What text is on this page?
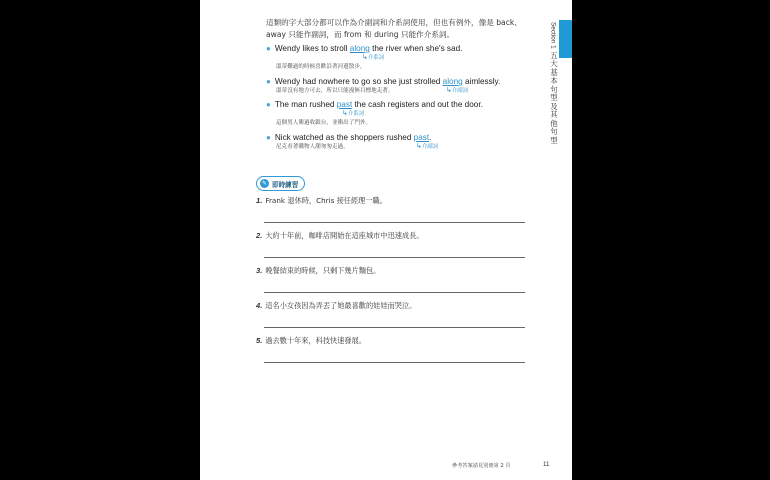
這類的字大部分都可以作為介副詞和介系詞使用，但也有例外，像是 back、away 只能作副詞，而 from 和 during 只能作介系詞。
● Wendy likes to stroll along the river when she's sad.
溫蒂難過的時候喜歡沿著河邊散步。
↳介系詞
● Wendy had nowhere to go so she just strolled along aimlessly.
溫蒂沒有地方可去，所以只能漫無目標地走著。	↳介副詞
● The man rushed past the cash registers and out the door.
這個男人衝過收銀台，並衝出了門外。
↳介系詞
● Nick watched as the shoppers rushed past.
尼克看著購物人潮匆匆走過。	↳介副詞
Section 1
五大基本句型及其他句型
✎ 即時練習
1. Frank 退休時，Chris 接任經理一職。
2. 大約十年前，咖啡店開始在這座城市中迅速成長。
3. 晚餐結束的時候，只剩下幾片麵包。
4. 這名小女孩因為弄丟了她最喜歡的娃娃而哭泣。
5. 過去數十年來，科技快速發展。
參考答案請見別冊第 2 頁	11
